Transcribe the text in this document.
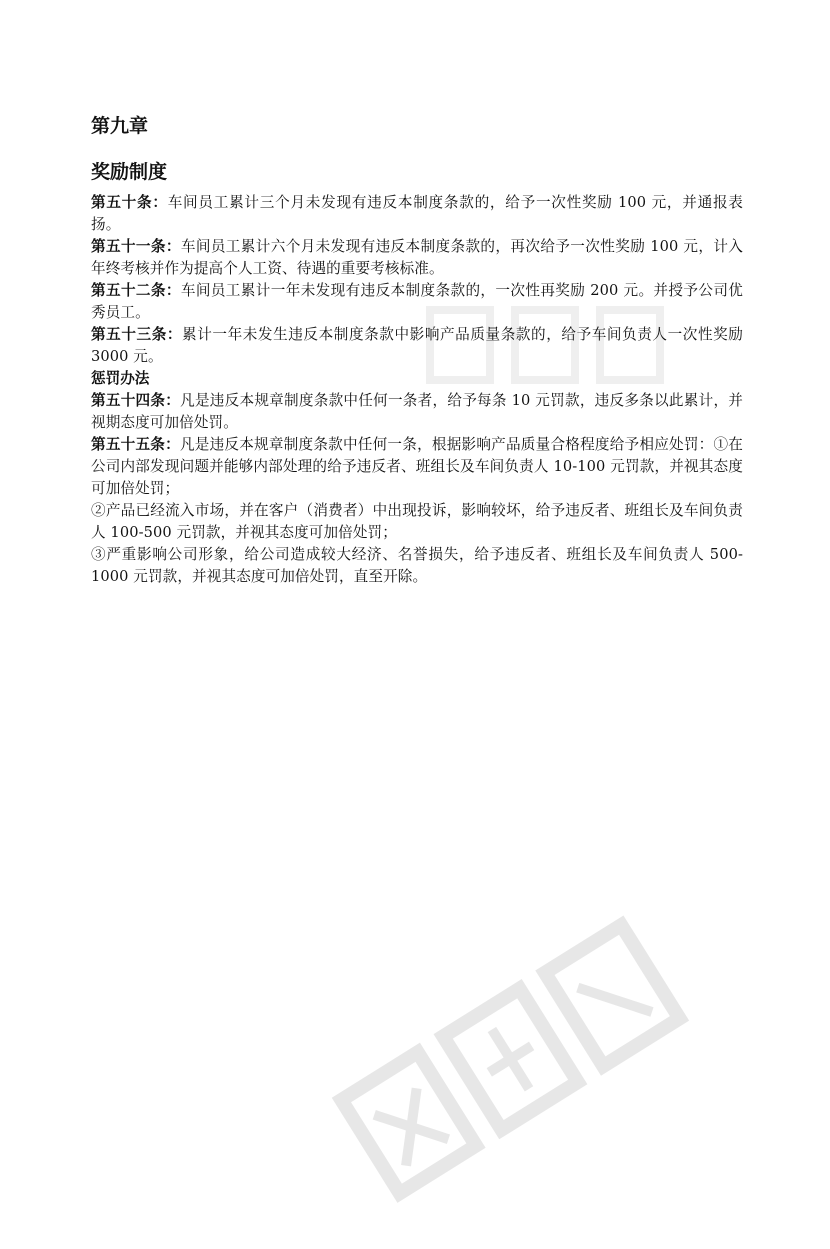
第九章
奖励制度

第五十条：车间员工累计三个月未发现有违反本制度条款的，给予一次性奖励 100 元，并通报表扬。

第五十一条：车间员工累计六个月未发现有违反本制度条款的，再次给予一次性奖励 100 元，计入年终考核并作为提高个人工资、待遇的重要考核标准。

第五十二条：车间员工累计一年未发现有违反本制度条款的，一次性再奖励 200 元。并授予公司优秀员工。

第五十三条：累计一年未发生违反本制度条款中影响产品质量条款的，给予车间负责人一次性奖励 3000 元。

惩罚办法

第五十四条：凡是违反本规章制度条款中任何一条者，给予每条 10 元罚款，违反多条以此累计，并视期态度可加倍处罚。

第五十五条：凡是违反本规章制度条款中任何一条，根据影响产品质量合格程度给予相应处罚：①在公司内部发现问题并能够内部处理的给予违反者、班组长及车间负责人 10-100 元罚款，并视其态度可加倍处罚；

②产品已经流入市场，并在客户（消费者）中出现投诉，影响较坏，给予违反者、班组长及车间负责人 100-500 元罚款，并视其态度可加倍处罚；

③严重影响公司形象，给公司造成较大经济、名誉损失，给予违反者、班组长及车间负责人 500-1000 元罚款，并视其态度可加倍处罚，直至开除。
